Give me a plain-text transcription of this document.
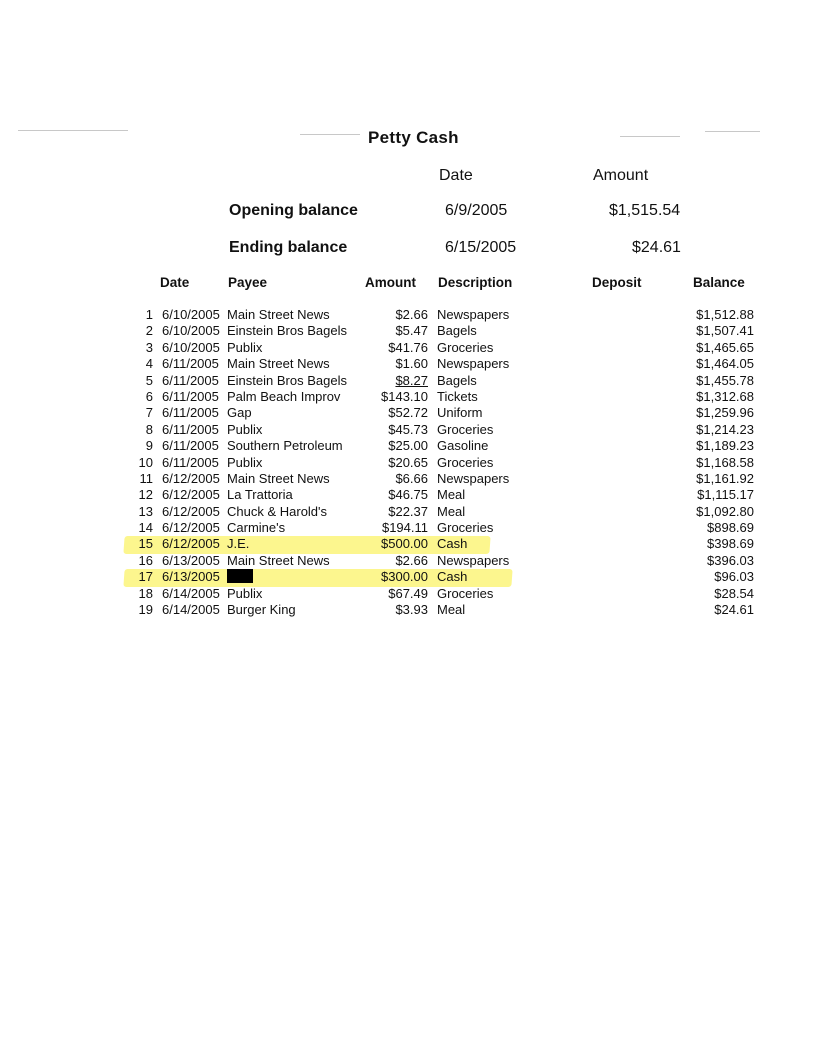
Petty Cash
Date	Amount
Opening balance	6/9/2005	$1,515.54
Ending balance	6/15/2005	$24.61
Date	Payee	Amount Description	Deposit	Balance
1 6/10/2005 Main Street News	$2.66 Newspapers	$1,512.88
2 6/10/2005 Einstein Bros Bagels	$5.47 Bagels	$1,507.41
3 6/10/2005 Publix	$41.76 Groceries	$1,465.65
4 6/11/2005 Main Street News	$1.60 Newspapers	$1,464.05
5 6/11/2005 Einstein Bros Bagels	$8.27 Bagels	$1,455.78
6 6/11/2005 Palm Beach Improv	$143.10 Tickets	$1,312.68
7 6/11/2005 Gap	$52.72 Uniform	$1,259.96
8 6/11/2005 Publix	$45.73 Groceries	$1,214.23
9 6/11/2005 Southern Petroleum	$25.00 Gasoline	$1,189.23
10 6/11/2005 Publix	$20.65 Groceries	$1,168.58
11 6/12/2005 Main Street News	$6.66 Newspapers	$1,161.92
12 6/12/2005 La Trattoria	$46.75 Meal	$1,115.17
13 6/12/2005 Chuck & Harold's	$22.37 Meal	$1,092.80
14 6/12/2005 Carmine's	$194.11 Groceries	$898.69
15 6/12/2005 J.E.	$500.00 Cash	$398.69
16 6/13/2005 Main Street News	$2.66 Newspapers	$396.03
17 6/13/2005	$300.00 Cash	$96.03
18 6/14/2005 Publix	$67.49 Groceries	$28.54
19 6/14/2005 Burger King	$3.93 Meal	$24.61
